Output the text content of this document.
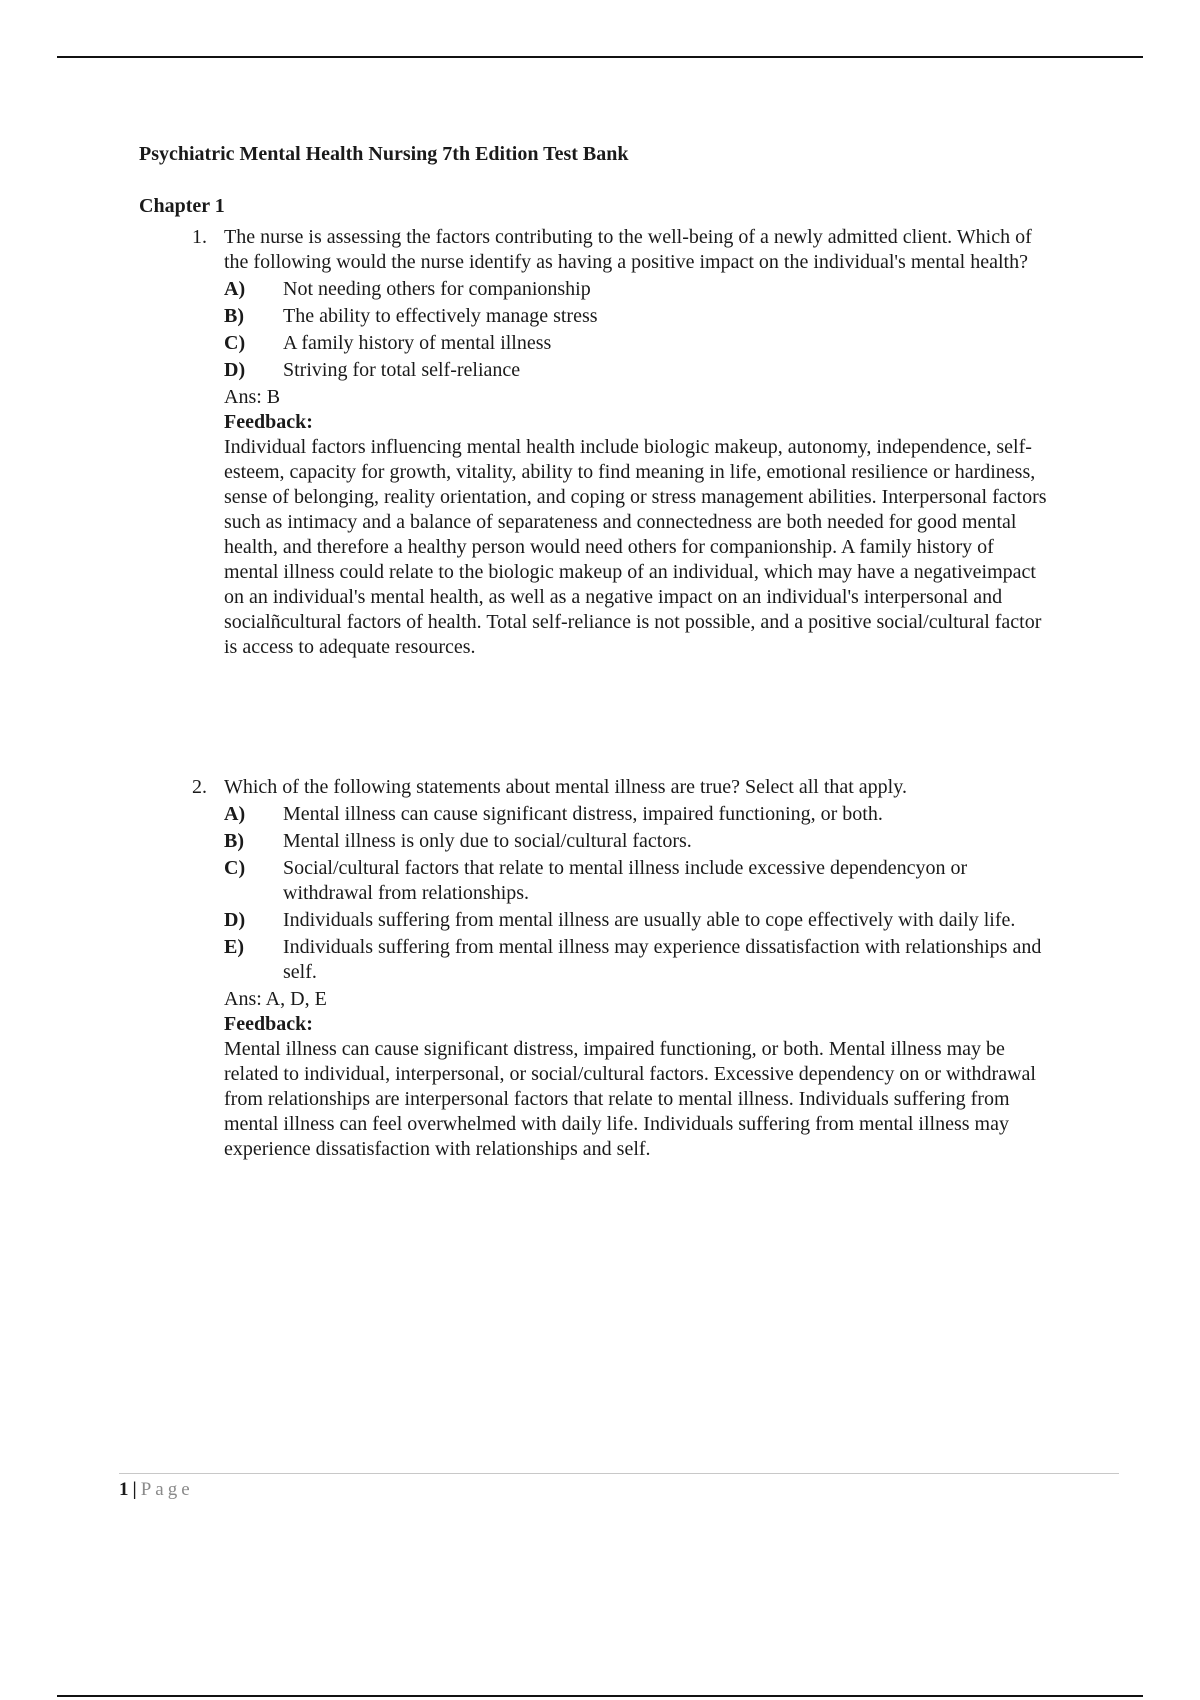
Psychiatric Mental Health Nursing 7th Edition Test Bank
Chapter 1
1. The nurse is assessing the factors contributing to the well-being of a newly admitted client. Which of the following would the nurse identify as having a positive impact on the individual's mental health?
A) Not needing others for companionship
B) The ability to effectively manage stress
C) A family history of mental illness
D) Striving for total self-reliance
Ans: B
Feedback:

Individual factors influencing mental health include biologic makeup, autonomy, independence, self-esteem, capacity for growth, vitality, ability to find meaning in life, emotional resilience or hardiness, sense of belonging, reality orientation, and coping or stress management abilities. Interpersonal factors such as intimacy and a balance of separateness and connectedness are both needed for good mental health, and therefore a healthy person would need others for companionship. A family history of mental illness could relate to the biologic makeup of an individual, which may have a negativeimpact on an individual's mental health, as well as a negative impact on an individual's interpersonal and socialñcultural factors of health. Total self-reliance is not possible, and a positive social/cultural factor is access to adequate resources.

2. Which of the following statements about mental illness are true? Select all that apply.
A) Mental illness can cause significant distress, impaired functioning, or both.
B) Mental illness is only due to social/cultural factors.
C) Social/cultural factors that relate to mental illness include excessive dependencyon or withdrawal from relationships.
D) Individuals suffering from mental illness are usually able to cope effectively with daily life.
E) Individuals suffering from mental illness may experience dissatisfaction with relationships and self.
Ans: A, D, E
Feedback:

Mental illness can cause significant distress, impaired functioning, or both. Mental illness may be related to individual, interpersonal, or social/cultural factors. Excessive dependency on or withdrawal from relationships are interpersonal factors that relate to mental illness. Individuals suffering from mental illness can feel overwhelmed with daily life. Individuals suffering from mental illness may experience dissatisfaction with relationships and self.

1 | Page
